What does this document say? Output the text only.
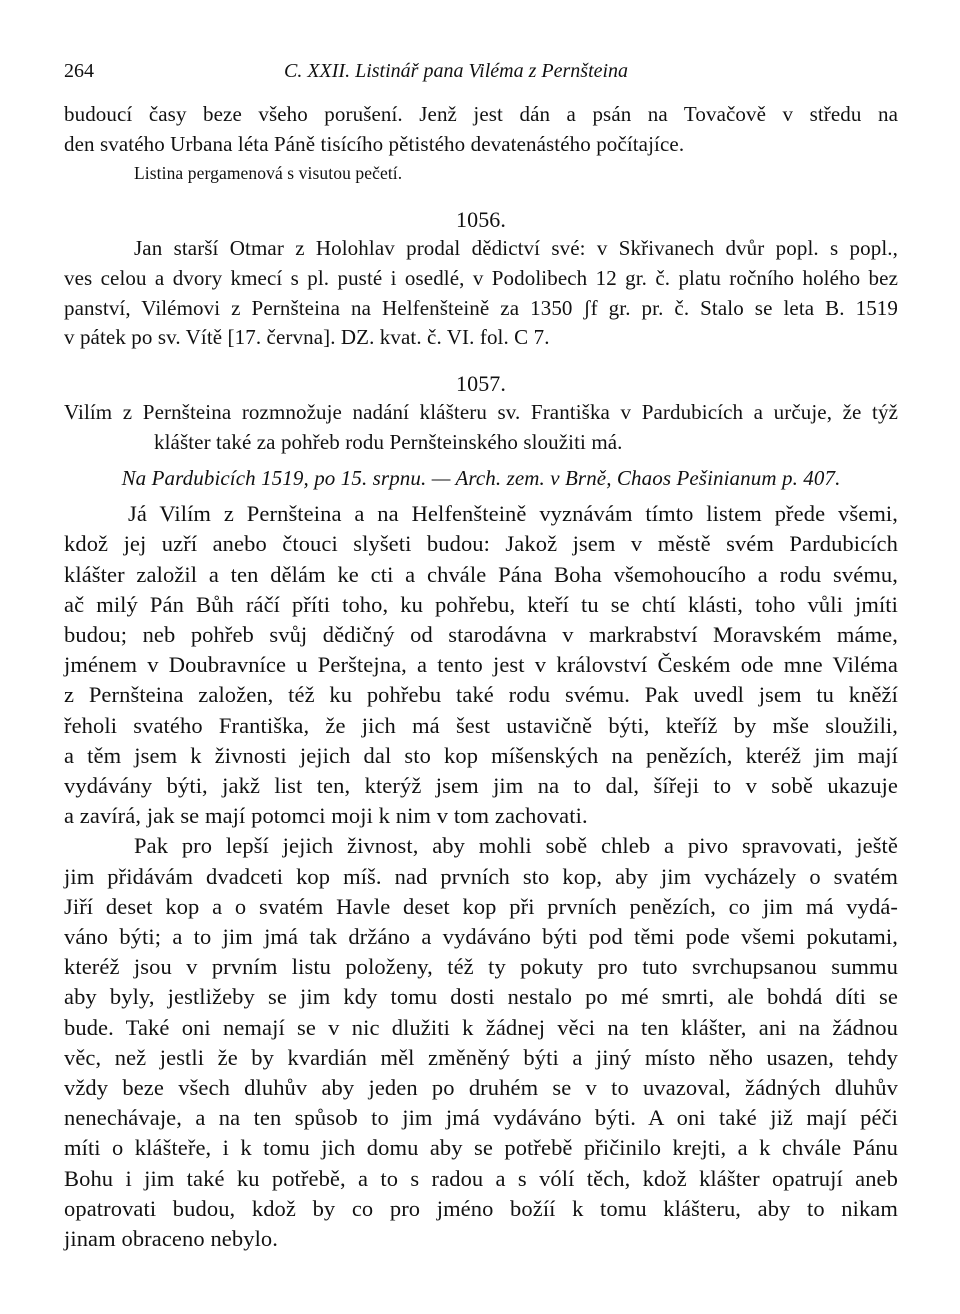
264	C. XXII. Listinář pana Viléma z Pernšteina
budoucí časy beze všeho porušení. Jenž jest dán a psán na Tovačově v středu na
den svatého Urbana léta Páně tisícího pětistého devatenástého počítajíce.
Listina pergamenová s visutou pečetí.
1056.
Jan starší Otmar z Holohlav prodal dědictví své: v Skřivanech dvůr popl. s popl.,
ves celou a dvory kmecí s pl. pusté i osedlé, v Podolibech 12 gr. č. platu ročního holého bez
panství, Vilémovi z Pernšteina na Helfenšteině za 1350 ʃf gr. pr. č. Stalo se leta B. 1519
v pátek po sv. Vítě [17. června]. DZ. kvat. č. VI. fol. C 7.
1057.
Vilím z Pernšteina rozmnožuje nadání klášteru sv. Františka v Pardubicích a určuje, že týž
klášter také za pohřeb rodu Pernšteinského sloužiti má.
Na Pardubicích 1519, po 15. srpnu. — Arch. zem. v Brně, Chaos Pešinianum p. 407.
Já Vilím z Pernšteina a na Helfenšteině vyznávám tímto listem přede všemi,
kdož jej uzří anebo čtouci slyšeti budou: Jakož jsem v městě svém Pardubicích
klášter založil a ten dělám ke cti a chvále Pána Boha všemohoucího a rodu svému,
ač milý Pán Bůh ráčí příti toho, ku pohřebu, kteří tu se chtí klásti, toho vůli jmíti
budou; neb pohřeb svůj dědičný od starodávna v markrabství Moravském máme,
jménem v Doubravníce u Perštejna, a tento jest v království Českém ode mne Viléma
z Pernšteina založen, též ku pohřebu také rodu svému. Pak uvedl jsem tu kněží
řeholi svatého Františka, že jich má šest ustavičně býti, kteříž by mše sloužili,
a těm jsem k živnosti jejich dal sto kop míšenských na penězích, kteréž jim mají
vydávány býti, jakž list ten, kterýž jsem jim na to dal, šířeji to v sobě ukazuje
a zavírá, jak se mají potomci moji k nim v tom zachovati.
Pak pro lepší jejich živnost, aby mohli sobě chleb a pivo spravovati, ještě
jim přidávám dvadceti kop míš. nad prvních sto kop, aby jim vycházely o svatém
Jiří deset kop a o svatém Havle deset kop při prvních penězích, co jim má vydá-
váno býti; a to jim jmá tak držáno a vydáváno býti pod těmi pode všemi pokutami,
kteréž jsou v prvním listu položeny, též ty pokuty pro tuto svrchupsanou summu
aby byly, jestližeby se jim kdy tomu dosti nestalo po mé smrti, ale bohdá díti se
bude. Také oni nemají se v nic dlužiti k žádnej věci na ten klášter, ani na žádnou
věc, než jestli že by kvardián měl změněný býti a jiný místo něho usazen, tehdy
vždy beze všech dluhův aby jeden po druhém se v to uvazoval, žádných dluhův
nenechávaje, a na ten spůsob to jim jmá vydáváno býti. A oni také již mají péči
míti o klášteře, i k tomu jich domu aby se potřebě přičinilo krejti, a k chvále Pánu
Bohu i jim také ku potřebě, a to s radou a s vólí těch, kdož klášter opatrují aneb
opatrovati budou, kdož by co pro jméno božíí k tomu klášteru, aby to nikam
jinam obraceno nebylo.
